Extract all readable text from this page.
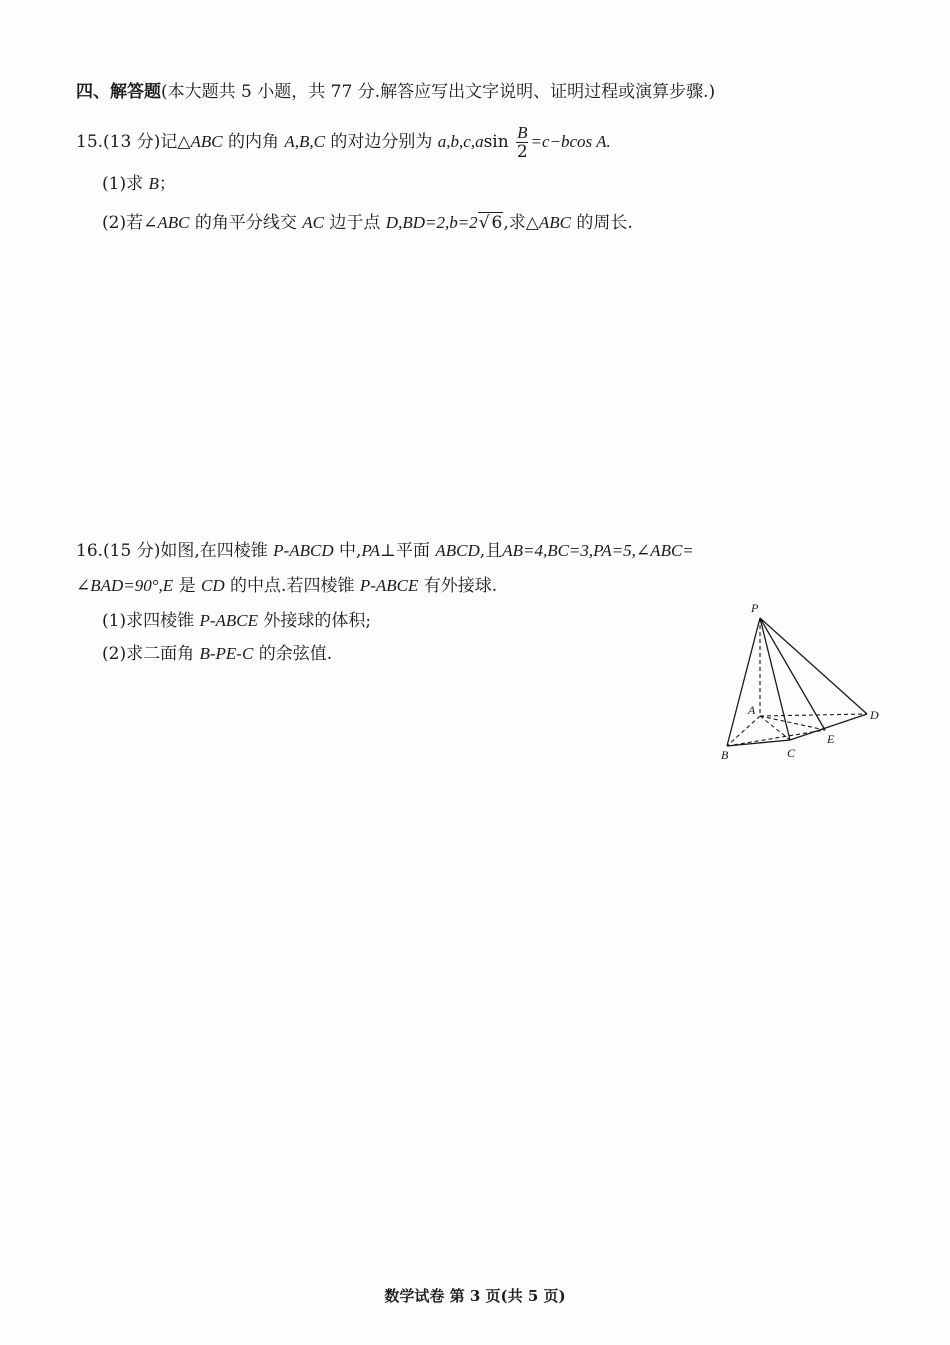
四、解答题(本大题共 5 小题，共 77 分.解答应写出文字说明、证明过程或演算步骤.)
15.(13 分)记△ABC 的内角 A,B,C 的对边分别为 $a,b,c,asin \frac{B}{2} =c-bcos$ A.
(1)求 B；
(2)若∠ABC 的角平分线交 AC 边于点 D,BD=2,b=2√ 6,求△ABC 的周长.
16.(15 分)如图,在四棱锥 P-ABCD 中,PA⊥平面 ABCD,且AB=4,BC=3,PA=5,∠ABC=
∠BAD=90°,E 是 CD 的中点.若四棱锥 P-ABCE 有外接球.
(1)求四棱锥 P-ABCE 外接球的体积;
(2)求二面角 B-PE-C 的余弦值.
P
A
B	C
D
E
数学试卷 第 3 页(共 5 页)
